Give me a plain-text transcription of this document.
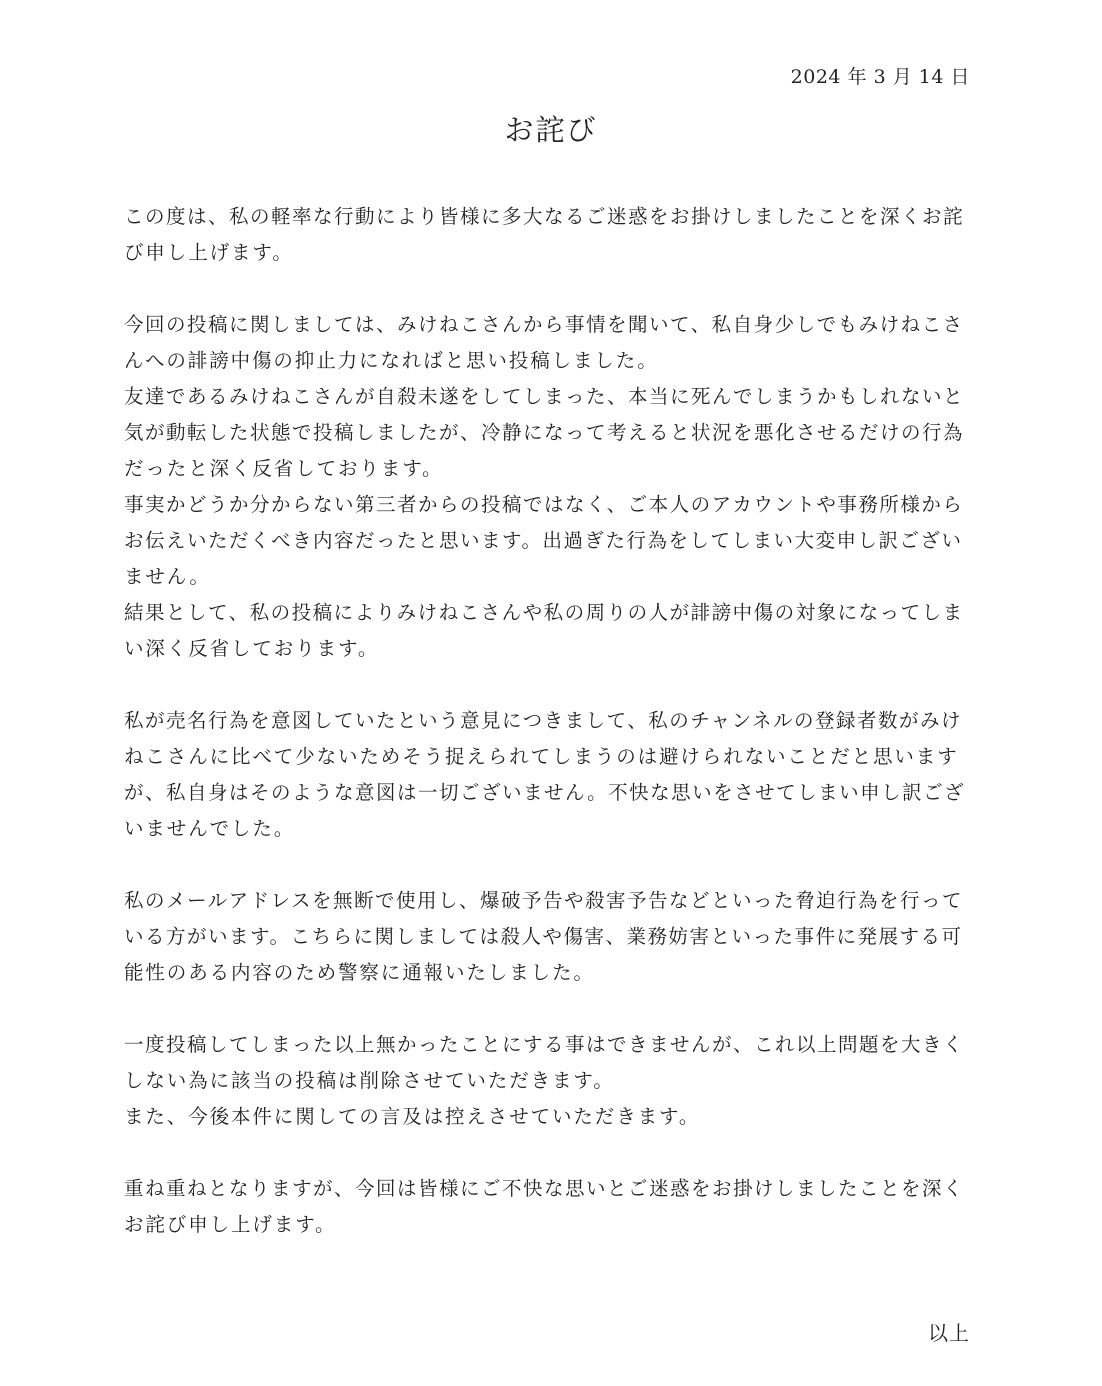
2024 年 3 月 14 日
お詫び
この度は、私の軽率な行動により皆様に多大なるご迷惑をお掛けしましたことを深くお詫
び申し上げます。
今回の投稿に関しましては、みけねこさんから事情を聞いて、私自身少しでもみけねこさ
んへの誹謗中傷の抑止力になればと思い投稿しました。
友達であるみけねこさんが自殺未遂をしてしまった、本当に死んでしまうかもしれないと
気が動転した状態で投稿しましたが、冷静になって考えると状況を悪化させるだけの行為
だったと深く反省しております。
事実かどうか分からない第三者からの投稿ではなく、ご本人のアカウントや事務所様から
お伝えいただくべき内容だったと思います。出過ぎた行為をしてしまい大変申し訳ござい
ません。
結果として、私の投稿によりみけねこさんや私の周りの人が誹謗中傷の対象になってしま
い深く反省しております。
私が売名行為を意図していたという意見につきまして、私のチャンネルの登録者数がみけ
ねこさんに比べて少ないためそう捉えられてしまうのは避けられないことだと思います
が、私自身はそのような意図は一切ございません。不快な思いをさせてしまい申し訳ござ
いませんでした。
私のメールアドレスを無断で使用し、爆破予告や殺害予告などといった脅迫行為を行って
いる方がいます。こちらに関しましては殺人や傷害、業務妨害といった事件に発展する可
能性のある内容のため警察に通報いたしました。
一度投稿してしまった以上無かったことにする事はできませんが、これ以上問題を大きく
しない為に該当の投稿は削除させていただきます。
また、今後本件に関しての言及は控えさせていただきます。
重ね重ねとなりますが、今回は皆様にご不快な思いとご迷惑をお掛けしましたことを深く
お詫び申し上げます。
以上
